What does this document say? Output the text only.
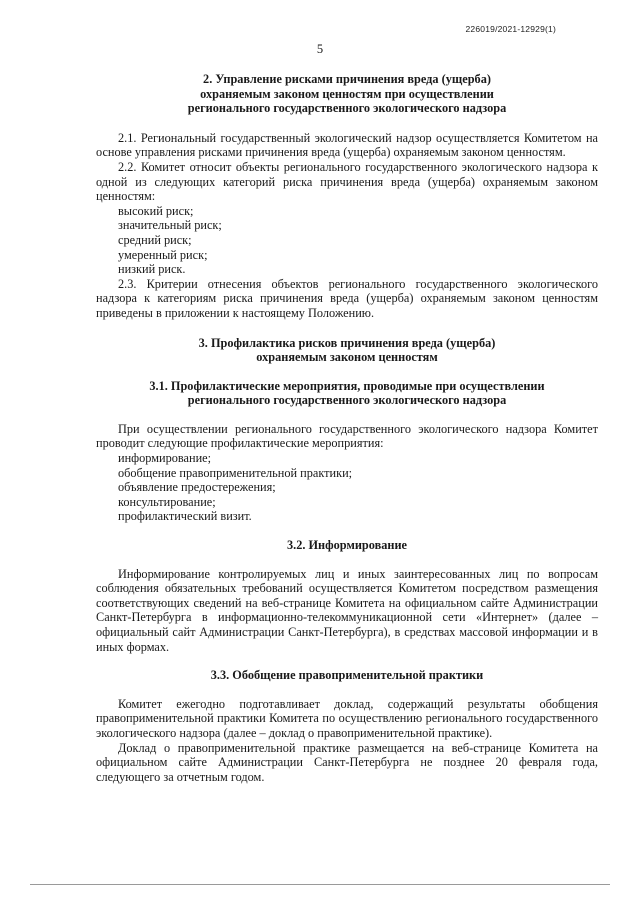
226019/2021-12929(1)
5

2. Управление рисками причинения вреда (ущерба)

охраняемым законом ценностям при осуществлении

регионального государственного экологического надзора

2.1. Региональный государственный экологический надзор осуществляется Комитетом на основе управления рисками причинения вреда (ущерба) охраняемым законом ценностям.

2.2. Комитет относит объекты регионального государственного экологического надзора к одной из следующих категорий риска причинения вреда (ущерба) охраняемым законом ценностям:

высокий риск;

значительный риск;

средний риск;

умеренный риск;

низкий риск.

2.3. Критерии отнесения объектов регионального государственного экологического надзора к категориям риска причинения вреда (ущерба) охраняемым законом ценностям приведены в приложении к настоящему Положению.

3. Профилактика рисков причинения вреда (ущерба)

охраняемым законом ценностям

3.1. Профилактические мероприятия, проводимые при осуществлении

регионального государственного экологического надзора

При осуществлении регионального государственного экологического надзора Комитет проводит следующие профилактические мероприятия:

информирование;

обобщение правоприменительной практики;

объявление предостережения;

консультирование;

профилактический визит.

3.2. Информирование

Информирование контролируемых лиц и иных заинтересованных лиц по вопросам соблюдения обязательных требований осуществляется Комитетом посредством размещения соответствующих сведений на веб-странице Комитета на официальном сайте Администрации Санкт-Петербурга в информационно-телекоммуникационной сети «Интернет» (далее – официальный сайт Администрации Санкт-Петербурга), в средствах массовой информации и в иных формах.

3.3. Обобщение правоприменительной практики

Комитет ежегодно подготавливает доклад, содержащий результаты обобщения правоприменительной практики Комитета по осуществлению регионального государственного экологического надзора (далее – доклад о правоприменительной практике).

Доклад о правоприменительной практике размещается на веб-странице Комитета на официальном сайте Администрации Санкт-Петербурга не позднее 20 февраля года, следующего за отчетным годом.
